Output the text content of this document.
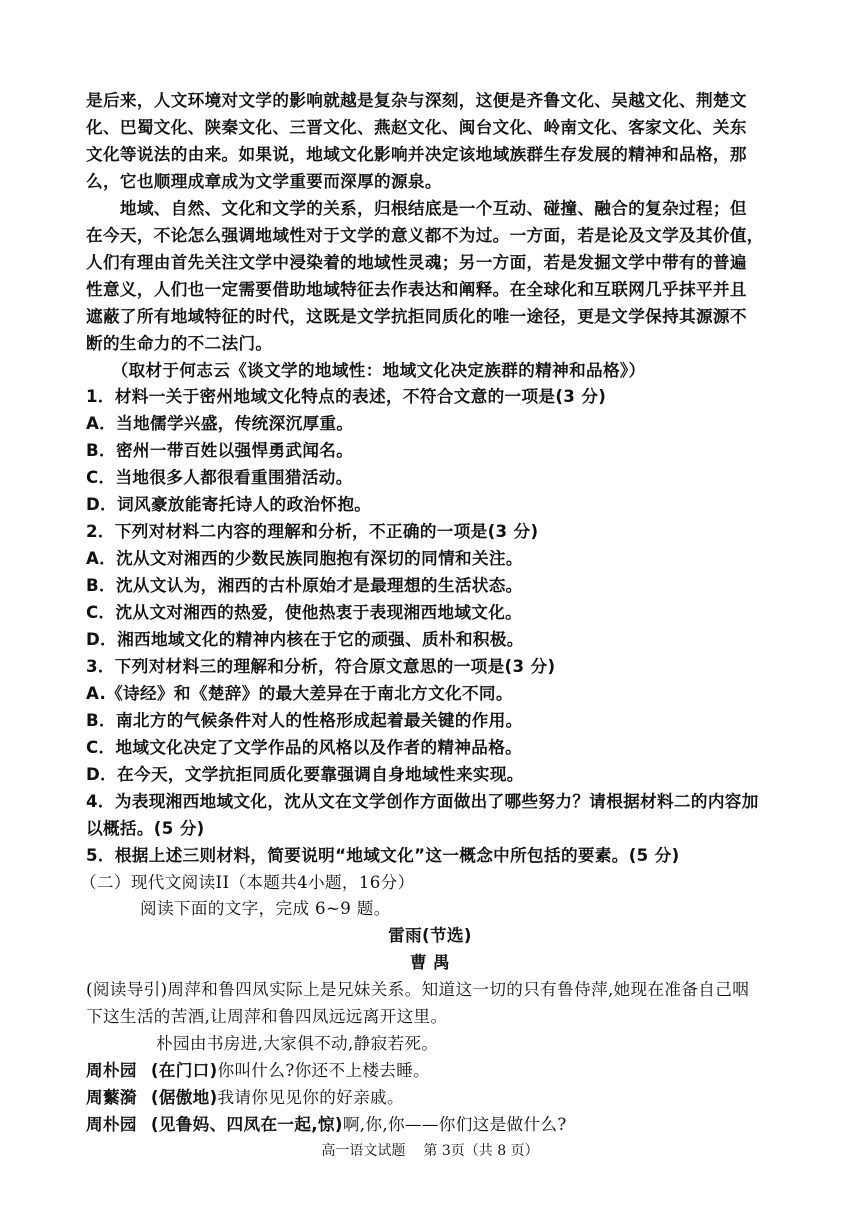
是后来，人文环境对文学的影响就越是复杂与深刻，这便是齐鲁文化、吴越文化、荆楚文
化、巴蜀文化、陕秦文化、三晋文化、燕赵文化、闽台文化、岭南文化、客家文化、关东
文化等说法的由来。如果说，地域文化影响并决定该地域族群生存发展的精神和品格，那
么，它也顺理成章成为文学重要而深厚的源泉。
　　地域、自然、文化和文学的关系，归根结底是一个互动、碰撞、融合的复杂过程；但
在今天，不论怎么强调地域性对于文学的意义都不为过。一方面，若是论及文学及其价值，
人们有理由首先关注文学中浸染着的地域性灵魂；另一方面，若是发掘文学中带有的普遍
性意义，人们也一定需要借助地域特征去作表达和阐释。在全球化和互联网几乎抹平并且
遮蔽了所有地域特征的时代，这既是文学抗拒同质化的唯一途径，更是文学保持其源源不
断的生命力的不二法门。
　　（取材于何志云《谈文学的地域性：地域文化决定族群的精神和品格》）
1．材料一关于密州地域文化特点的表述，不符合文意的一项是(3 分)
A．当地儒学兴盛，传统深沉厚重。
B．密州一带百姓以强悍勇武闻名。
C．当地很多人都很看重围猎活动。
D．词风豪放能寄托诗人的政治怀抱。
2．下列对材料二内容的理解和分析，不正确的一项是(3 分)
A．沈从文对湘西的少数民族同胞抱有深切的同情和关注。
B．沈从文认为，湘西的古朴原始才是最理想的生活状态。
C．沈从文对湘西的热爱，使他热衷于表现湘西地域文化。
D．湘西地域文化的精神内核在于它的顽强、质朴和积极。
3．下列对材料三的理解和分析，符合原文意思的一项是(3 分)
A.《诗经》和《楚辞》的最大差异在于南北方文化不同。
B．南北方的气候条件对人的性格形成起着最关键的作用。
C．地域文化决定了文学作品的风格以及作者的精神品格。
D．在今天，文学抗拒同质化要靠强调自身地域性来实现。
4．为表现湘西地域文化，沈从文在文学创作方面做出了哪些努力？请根据材料二的内容加
以概括。(5 分)
5．根据上述三则材料，简要说明“地域文化”这一概念中所包括的要素。(5 分)
（二）现代文阅读II（本题共4小题，16分）
阅读下面的文字，完成 6~9 题。
雷雨(节选)
曹 禺
(阅读导引)周萍和鲁四凤实际上是兄妹关系。知道这一切的只有鲁侍萍,她现在准备自己咽
下这生活的苦酒,让周萍和鲁四凤远远离开这里。
朴园由书房进,大家俱不动,静寂若死。
周朴园 (在门口)你叫什么?你还不上楼去睡。
周蘩漪 (倨傲地)我请你见见你的好亲戚。
周朴园 (见鲁妈、四凤在一起,惊)啊,你,你——你们这是做什么?
高一语文试题 第 3页（共 8 页）
